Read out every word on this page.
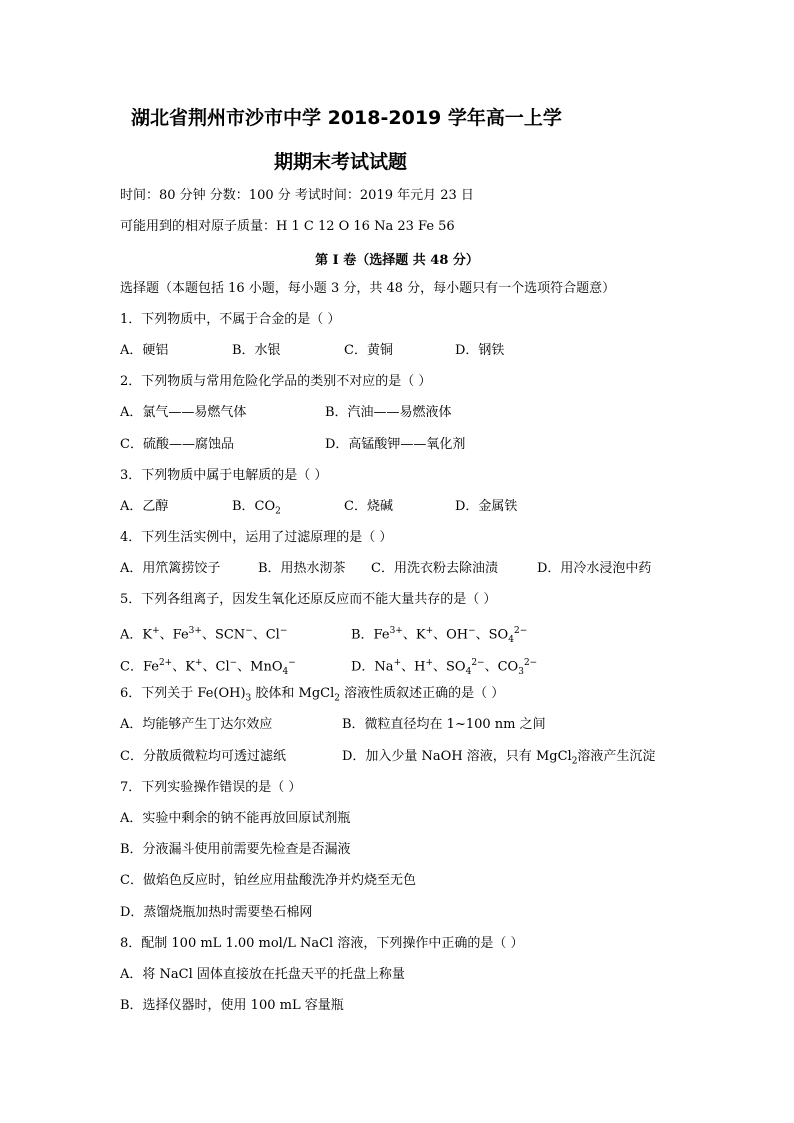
湖北省荆州市沙市中学 2018-2019 学年高一上学
期期末考试试题
时间：80 分钟 分数：100 分 考试时间：2019 年元月 23 日
可能用到的相对原子质量：H 1 C 12 O 16 Na 23 Fe 56
第 I 卷（选择题 共 48 分）
选择题（本题包括 16 小题，每小题 3 分，共 48 分，每小题只有一个选项符合题意）
1．下列物质中，不属于合金的是（ ）
A．硬铝	B．水银	C．黄铜	D．钢铁
2．下列物质与常用危险化学品的类别不对应的是（ ）
A．氯气——易燃气体	B．汽油——易燃液体
C．硫酸——腐蚀品	D．高锰酸钾——氧化剂
3．下列物质中属于电解质的是（ ）
A．乙醇	B．$CO_2$	C．烧碱	D．金属铁
4．下列生活实例中，运用了过滤原理的是（ ）
A．用笊篱捞饺子	B．用热水沏茶 C．用洗衣粉去除油渍	D．用冷水浸泡中药
5．下列各组离子，因发生氧化还原反应而不能大量共存的是（ ）
A．K+、$Fe^{3+}$、SCN−、Cl−	B．$Fe^{3+}$、K+、OH−、$SO_4^{2-}$
C．$Fe^{2+}$、K+、Cl−、MnO$_4$−	D．Na+、H+、$SO_4^{2-}$、$CO_3^{2-}$
6．下列关于 $Fe(OH)_3$ 胶体和 MgCl$_2$ 溶液性质叙述正确的是（ ）
A．均能够产生丁达尔效应	B．微粒直径均在 1~100 nm 之间
C．分散质微粒均可透过滤纸	D．加入少量 NaOH 溶液，只有 MgCl$_2$溶液产生沉淀
7．下列实验操作错误的是（ ）
A．实验中剩余的钠不能再放回原试剂瓶
B．分液漏斗使用前需要先检查是否漏液
C．做焰色反应时，铂丝应用盐酸洗净并灼烧至无色
D．蒸馏烧瓶加热时需要垫石棉网
8．配制 100 mL 1.00 mol/L NaCl 溶液，下列操作中正确的是（ ）
A．将 NaCl 固体直接放在托盘天平的托盘上称量
B．选择仪器时，使用 100 mL 容量瓶
